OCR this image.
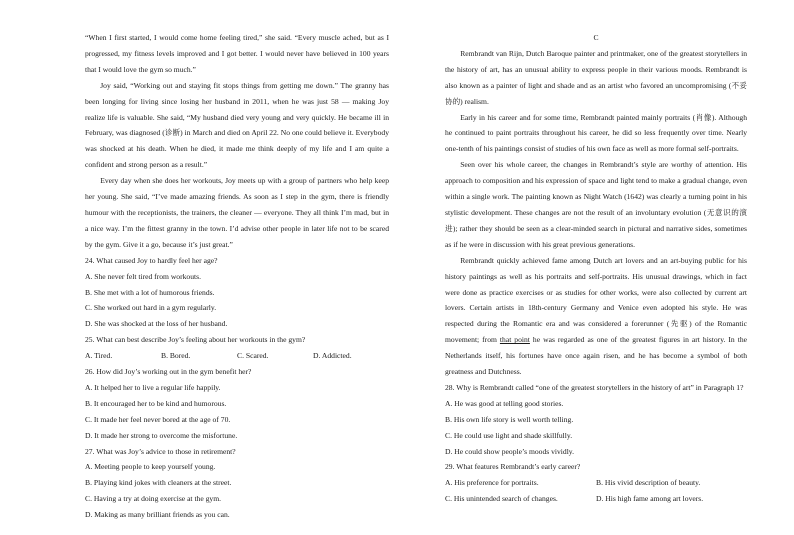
“When I first started, I would come home feeling tired,” she said. “Every muscle ached, but as I progressed, my fitness levels improved and I got better. I would never have believed in 100 years that I would love the gym so much.”

Joy said, “Working out and staying fit stops things from getting me down.” The granny has been longing for living since losing her husband in 2011, when he was just 58 — making Joy realize life is valuable. She said, “My husband died very young and very quickly. He became ill in February, was diagnosed (诊断) in March and died on April 22. No one could believe it. Everybody was shocked at his death. When he died, it made me think deeply of my life and I am quite a confident and strong person as a result.”

Every day when she does her workouts, Joy meets up with a group of partners who help keep her young. She said, “I’ve made amazing friends. As soon as I step in the gym, there is friendly humour with the receptionists, the trainers, the cleaner — everyone. They all think I’m mad, but in a nice way. I’m the fittest granny in the town. I’d advise other people in later life not to be scared by the gym. Give it a go, because it’s just great.”

24. What caused Joy to hardly feel her age?

A. She never felt tired from workouts.

B. She met with a lot of humorous friends.

C. She worked out hard in a gym regularly.

D. She was shocked at the loss of her husband.

25. What can best describe Joy’s feeling about her workouts in the gym?

A. Tired.	B. Bored.	C. Scared.	D. Addicted.

26. How did Joy’s working out in the gym benefit her?

A. It helped her to live a regular life happily.

B. It encouraged her to be kind and humorous.

C. It made her feel never bored at the age of 70.

D. It made her strong to overcome the misfortune.

27. What was Joy’s advice to those in retirement?

A. Meeting people to keep yourself young.

B. Playing kind jokes with cleaners at the street.

C. Having a try at doing exercise at the gym.

D. Making as many brilliant friends as you can.

C

Rembrandt van Rijn, Dutch Baroque painter and printmaker, one of the greatest storytellers in the history of art, has an unusual ability to express people in their various moods. Rembrandt is also known as a painter of light and shade and as an artist who favored an uncompromising (不妥协的) realism.

Early in his career and for some time, Rembrandt painted mainly portraits (肖像). Although he continued to paint portraits throughout his career, he did so less frequently over time. Nearly one-tenth of his paintings consist of studies of his own face as well as more formal self-portraits.

Seen over his whole career, the changes in Rembrandt’s style are worthy of attention. His approach to composition and his expression of space and light tend to make a gradual change, even within a single work. The painting known as Night Watch (1642) was clearly a turning point in his stylistic development. These changes are not the result of an involuntary evolution (无意识的演进); rather they should be seen as a clear-minded search in pictural and narrative sides, sometimes as if he were in discussion with his great previous generations.

Rembrandt quickly achieved fame among Dutch art lovers and an art-buying public for his history paintings as well as his portraits and self-portraits. His unusual drawings, which in fact were done as practice exercises or as studies for other works, were also collected by current art lovers. Certain artists in 18th-century Germany and Venice even adopted his style. He was respected during the Romantic era and was considered a forerunner (先驱) of the Romantic movement; from that point he was regarded as one of the greatest figures in art history. In the Netherlands itself, his fortunes have once again risen, and he has become a symbol of both greatness and Dutchness.

28. Why is Rembrandt called “one of the greatest storytellers in the history of art” in Paragraph 1?

A. He was good at telling good stories.

B. His own life story is well worth telling.

C. He could use light and shade skillfully.

D. He could show people’s moods vividly.

29. What features Rembrandt’s early career?

A. His preference for portraits.	B. His vivid description of beauty.
C. His unintended search of changes.	D. His high fame among art lovers.
